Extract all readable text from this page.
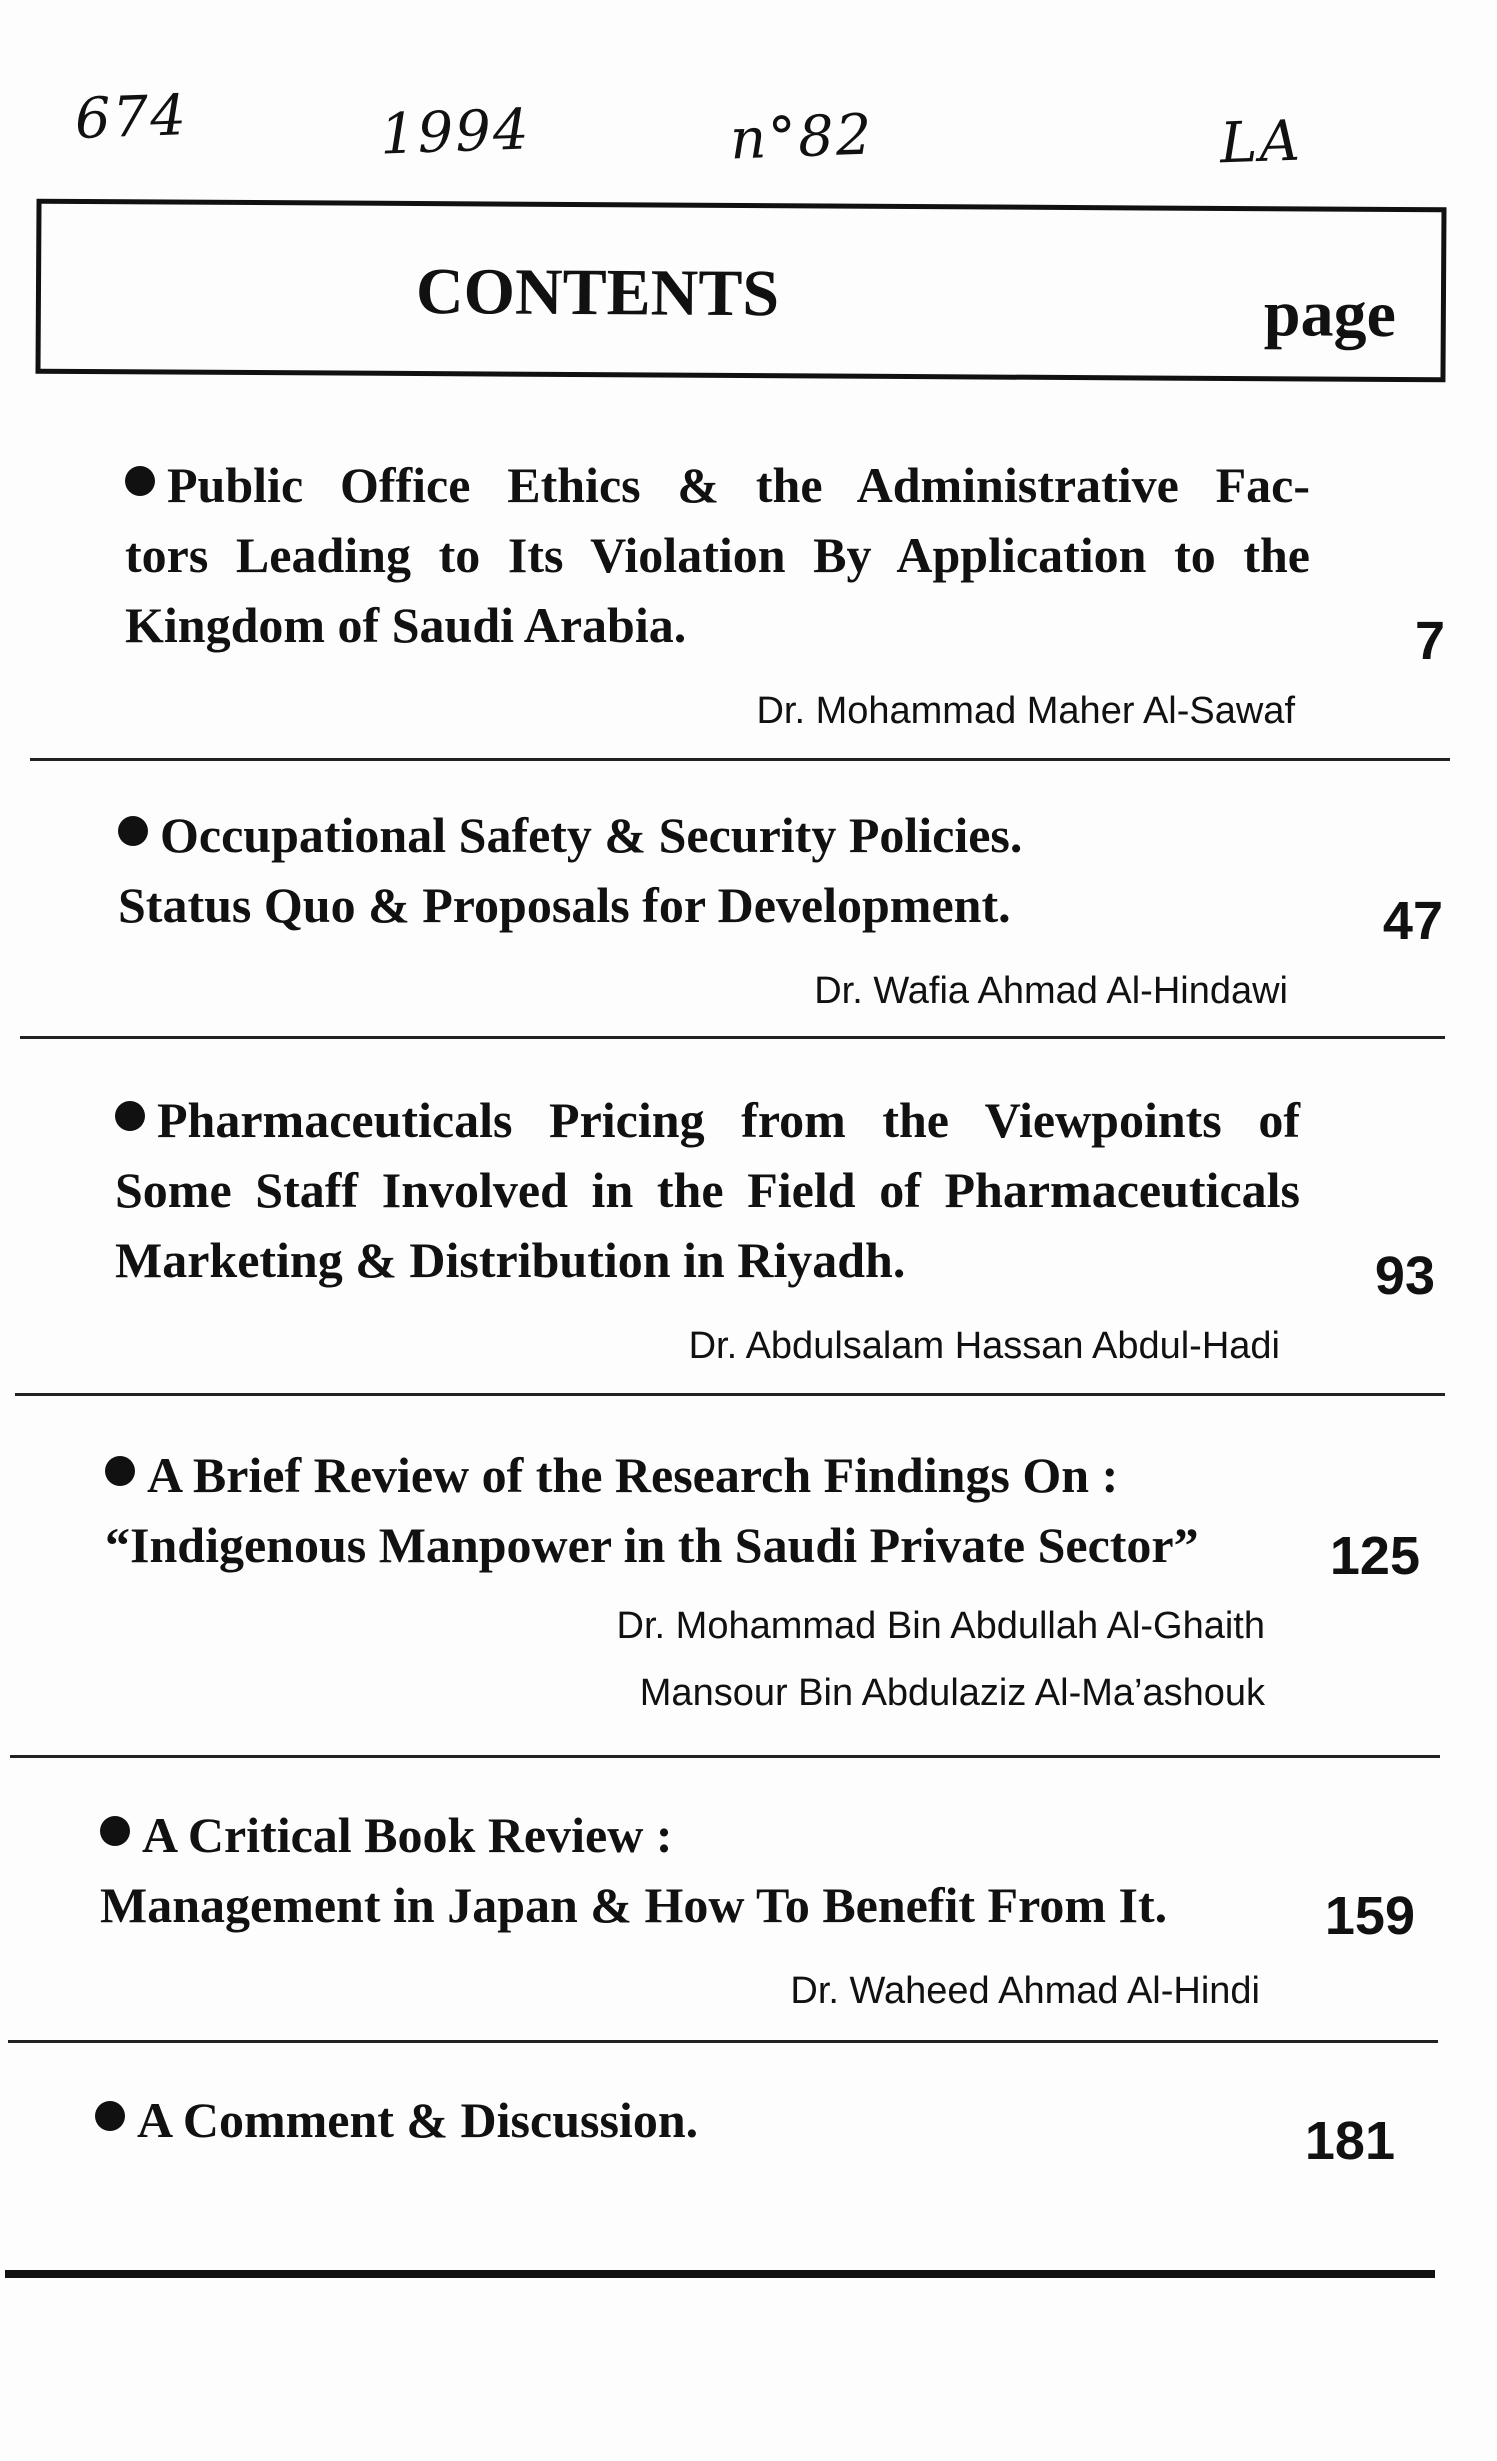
674	1994	n°82	LA
CONTENTS	page
Public Office Ethics & the Administrative Fac-
tors Leading to Its Violation By Application to the
Kingdom of Saudi Arabia.	7
Dr. Mohammad Maher Al-Sawaf
Occupational Safety & Security Policies.
Status Quo & Proposals for Development.	47
Dr. Wafia Ahmad Al-Hindawi
Pharmaceuticals Pricing from the Viewpoints of
Some Staff Involved in the Field of Pharmaceuticals
Marketing & Distribution in Riyadh.	93
Dr. Abdulsalam Hassan Abdul-Hadi
A Brief Review of the Research Findings On :
“Indigenous Manpower in th Saudi Private Sector”	125
Dr. Mohammad Bin Abdullah Al-Ghaith
Mansour Bin Abdulaziz Al-Ma’ashouk
A Critical Book Review :
Management in Japan & How To Benefit From It.	159
Dr. Waheed Ahmad Al-Hindi
A Comment & Discussion.	181
